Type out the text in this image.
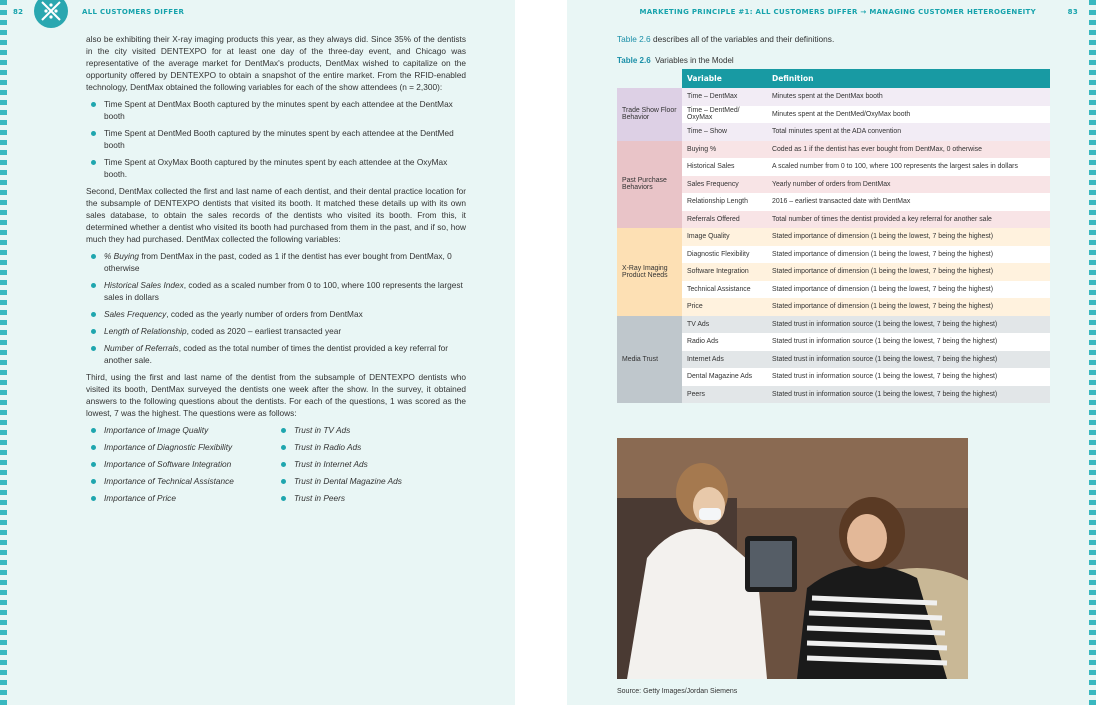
82	ALL CUSTOMERS DIFFER

also be exhibiting their X-ray imaging products this year, as they always did. Since 35% of the dentists in the city visited DENTEXPO for at least one day of the three-day event, and Chicago was representative of the average market for DentMax's products, DentMax wished to capitalize on the opportunity offered by DENTEXPO to obtain a snapshot of the entire market. From the RFID-enabled technology, DentMax obtained the following variables for each of the show attendees (n = 2,300):

Time Spent at DentMax Booth captured by the minutes spent by each attendee at the DentMax booth
Time Spent at DentMed Booth captured by the minutes spent by each attendee at the DentMed booth
Time Spent at OxyMax Booth captured by the minutes spent by each attendee at the OxyMax booth.

Second, DentMax collected the first and last name of each dentist, and their dental practice location for the subsample of DENTEXPO dentists that visited its booth. It matched these details up with its own sales database, to obtain the sales records of the dentists who visited its booth. From this, it determined whether a dentist who visited its booth had purchased from them in the past, and if so, how much they had purchased. DentMax collected the following variables:

% Buying from DentMax in the past, coded as 1 if the dentist has ever bought from DentMax, 0 otherwise
Historical Sales Index, coded as a scaled number from 0 to 100, where 100 represents the largest sales in dollars
Sales Frequency, coded as the yearly number of orders from DentMax
Length of Relationship, coded as 2020 – earliest transacted year
Number of Referrals, coded as the total number of times the dentist provided a key referral for another sale.

Third, using the first and last name of the dentist from the subsample of DENTEXPO dentists who visited its booth, DentMax surveyed the dentists one week after the show. In the survey, it obtained answers to the following questions about the dentists. For each of the questions, 1 was scored as the lowest, 7 was the highest. The questions were as follows:

Importance of Image Quality
Importance of Diagnostic Flexibility
Importance of Software Integration
Importance of Technical Assistance
Importance of Price
Trust in TV Ads
Trust in Radio Ads
Trust in Internet Ads
Trust in Dental Magazine Ads
Trust in Peers
MARKETING PRINCIPLE #1: ALL CUSTOMERS DIFFER → MANAGING CUSTOMER HETEROGENEITY	83
Table 2.6 describes all of the variables and their definitions.
Table 2.6 Variables in the Model
	Variable	Definition
Trade Show Floor Behavior	Time – DentMax	Minutes spent at the DentMax booth
	Time – DentMed/ OxyMax	Minutes spent at the DentMed/OxyMax booth
	Time – Show	Total minutes spent at the ADA convention
Past Purchase Behaviors	Buying %	Coded as 1 if the dentist has ever bought from DentMax, 0 otherwise
	Historical Sales	A scaled number from 0 to 100, where 100 represents the largest sales in dollars
	Sales Frequency	Yearly number of orders from DentMax
	Relationship Length	2016 – earliest transacted date with DentMax
	Referrals Offered	Total number of times the dentist provided a key referral for another sale
X-Ray Imaging Product Needs	Image Quality	Stated importance of dimension (1 being the lowest, 7 being the highest)
	Diagnostic Flexibility	Stated importance of dimension (1 being the lowest, 7 being the highest)
	Software Integration	Stated importance of dimension (1 being the lowest, 7 being the highest)
	Technical Assistance	Stated importance of dimension (1 being the lowest, 7 being the highest)
	Price	Stated importance of dimension (1 being the lowest, 7 being the highest)
Media Trust	TV Ads	Stated trust in information source (1 being the lowest, 7 being the highest)
	Radio Ads	Stated trust in information source (1 being the lowest, 7 being the highest)
	Internet Ads	Stated trust in information source (1 being the lowest, 7 being the highest)
	Dental Magazine Ads	Stated trust in information source (1 being the lowest, 7 being the highest)
	Peers	Stated trust in information source (1 being the lowest, 7 being the highest)
Source: Getty Images/Jordan Siemens
